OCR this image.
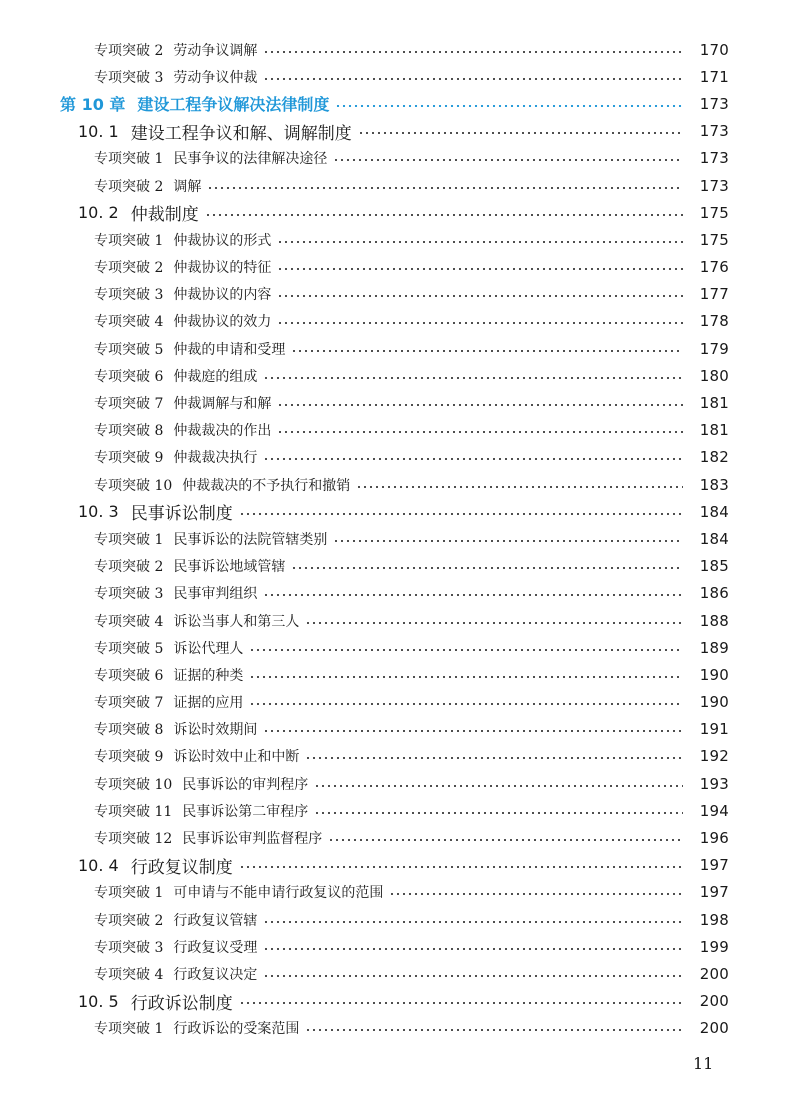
专项突破 2 劳动争议调解	170
专项突破 3 劳动争议仲裁	171
第 10 章 建设工程争议解决法律制度	173
10. 1 建设工程争议和解、调解制度	173
专项突破 1 民事争议的法律解决途径	173
专项突破 2 调解	173
10. 2 仲裁制度	175
专项突破 1 仲裁协议的形式	175
专项突破 2 仲裁协议的特征	176
专项突破 3 仲裁协议的内容	177
专项突破 4 仲裁协议的效力	178
专项突破 5 仲裁的申请和受理	179
专项突破 6 仲裁庭的组成	180
专项突破 7 仲裁调解与和解	181
专项突破 8 仲裁裁决的作出	181
专项突破 9 仲裁裁决执行	182
专项突破 10 仲裁裁决的不予执行和撤销	183
10. 3 民事诉讼制度	184
专项突破 1 民事诉讼的法院管辖类别	184
专项突破 2 民事诉讼地域管辖	185
专项突破 3 民事审判组织	186
专项突破 4 诉讼当事人和第三人	188
专项突破 5 诉讼代理人	189
专项突破 6 证据的种类	190
专项突破 7 证据的应用	190
专项突破 8 诉讼时效期间	191
专项突破 9 诉讼时效中止和中断	192
专项突破 10 民事诉讼的审判程序	193
专项突破 11 民事诉讼第二审程序	194
专项突破 12 民事诉讼审判监督程序	196
10. 4 行政复议制度	197
专项突破 1 可申请与不能申请行政复议的范围	197
专项突破 2 行政复议管辖	198
专项突破 3 行政复议受理	199
专项突破 4 行政复议决定	200
10. 5 行政诉讼制度	200
专项突破 1 行政诉讼的受案范围	200
11
